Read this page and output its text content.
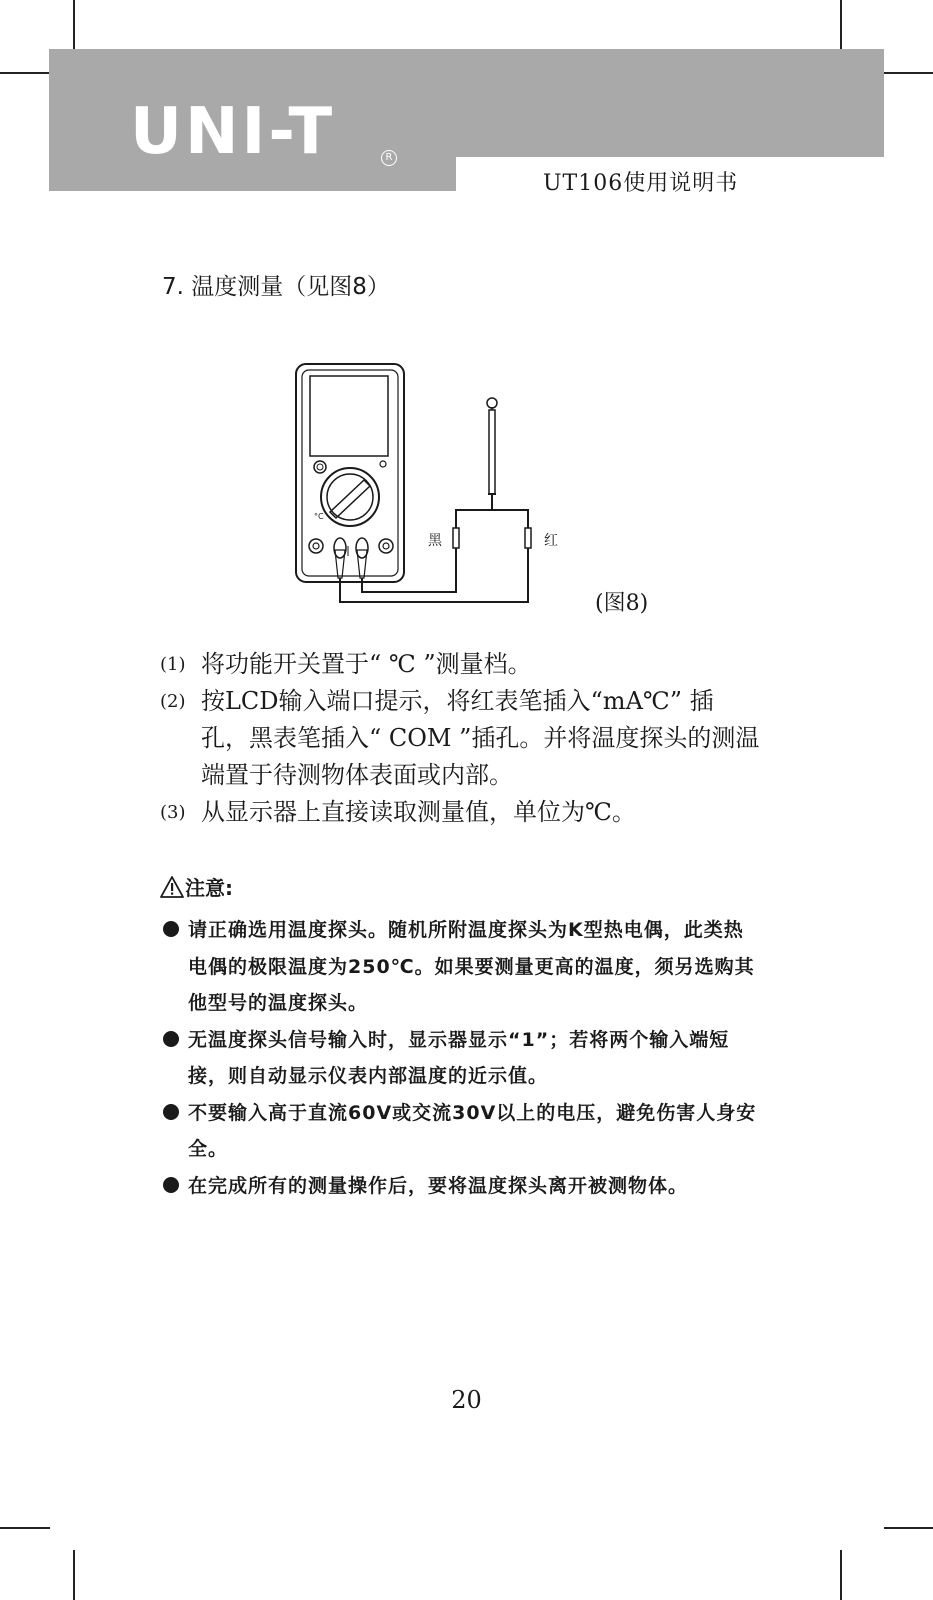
UNI-T	R
UT106使用说明书
7. 温度测量（见图8）
°C
黑	红
(图8)
(1) 将功能开关置于“ ℃ ”测量档。
(2) 按LCD输入端口提示，将红表笔插入“mA℃” 插孔，黑表笔插入“ COM ”插孔。并将温度探头的测温端置于待测物体表面或内部。
(3) 从显示器上直接读取测量值，单位为℃。
注意:
请正确选用温度探头。随机所附温度探头为K型热电偶，此类热电偶的极限温度为250℃。如果要测量更高的温度，须另选购其他型号的温度探头。
无温度探头信号输入时，显示器显示“1”；若将两个输入端短接，则自动显示仪表内部温度的近示值。
不要输入高于直流60V或交流30V以上的电压，避免伤害人身安全。
在完成所有的测量操作后，要将温度探头离开被测物体。
20
